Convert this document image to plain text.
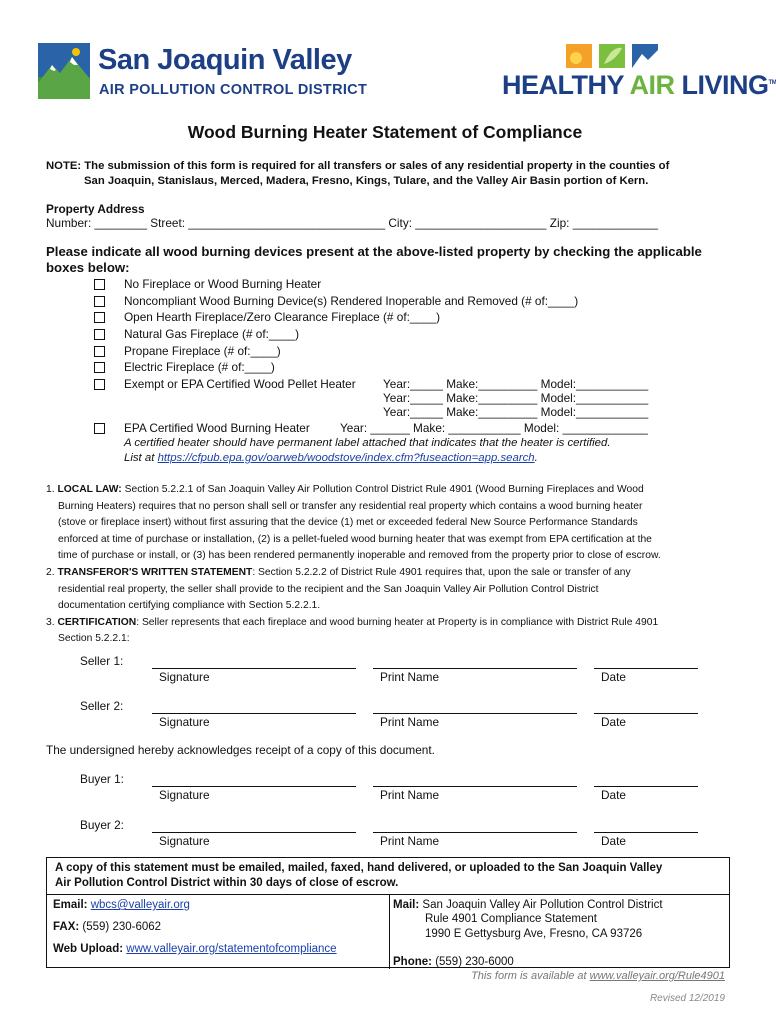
San Joaquin Valley
AIR POLLUTION CONTROL DISTRICT	HEALTHY AIR LIVING™
Wood Burning Heater Statement of Compliance
NOTE: The submission of this form is required for all transfers or sales of any residential property in the counties of
San Joaquin, Stanislaus, Merced, Madera, Fresno, Kings, Tulare, and the Valley Air Basin portion of Kern.
Property Address
Number: ________ Street: ______________________________ City: ____________________ Zip: _____________
Please indicate all wood burning devices present at the above-listed property by checking the applicable boxes below:
No Fireplace or Wood Burning Heater
Noncompliant Wood Burning Device(s) Rendered Inoperable and Removed (# of:____)
Open Hearth Fireplace/Zero Clearance Fireplace (# of:____)
Natural Gas Fireplace (# of:____)
Propane Fireplace (# of:____)
Electric Fireplace (# of:____)
Exempt or EPA Certified Wood Pellet Heater Year:_____ Make:_________ Model:___________
Year:_____ Make:_________ Model:___________
Year:_____ Make:_________ Model:___________
EPA Certified Wood Burning Heater	Year: ______ Make: ___________ Model: _____________
A certified heater should have permanent label attached that indicates that the heater is certified.
List at https://cfpub.epa.gov/oarweb/woodstove/index.cfm?fuseaction=app.search.
1. LOCAL LAW: Section 5.2.2.1 of San Joaquin Valley Air Pollution Control District Rule 4901 (Wood Burning Fireplaces and Wood
Burning Heaters) requires that no person shall sell or transfer any residential real property which contains a wood burning heater
(stove or fireplace insert) without first assuring that the device (1) met or exceeded federal New Source Performance Standards
enforced at time of purchase or installation, (2) is a pellet-fueled wood burning heater that was exempt from EPA certification at the
time of purchase or install, or (3) has been rendered permanently inoperable and removed from the property prior to close of escrow.
2. TRANSFEROR'S WRITTEN STATEMENT: Section 5.2.2.2 of District Rule 4901 requires that, upon the sale or transfer of any
residential real property, the seller shall provide to the recipient and the San Joaquin Valley Air Pollution Control District
documentation certifying compliance with Section 5.2.2.1.
3. CERTIFICATION: Seller represents that each fireplace and wood burning heater at Property is in compliance with District Rule 4901
Section 5.2.2.1:
Seller 1:
Signature	Print Name	Date
Seller 2:
Signature	Print Name	Date
The undersigned hereby acknowledges receipt of a copy of this document.
Buyer 1:
Signature	Print Name	Date
Buyer 2:
Signature	Print Name	Date
A copy of this statement must be emailed, mailed, faxed, hand delivered, or uploaded to the San Joaquin Valley
Air Pollution Control District within 30 days of close of escrow.
Email: wbcs@valleyair.org
FAX: (559) 230-6062
Web Upload: www.valleyair.org/statementofcompliance
Mail: San Joaquin Valley Air Pollution Control District
Rule 4901 Compliance Statement
1990 E Gettysburg Ave, Fresno, CA 93726
Phone: (559) 230-6000
This form is available at www.valleyair.org/Rule4901
Revised 12/2019
